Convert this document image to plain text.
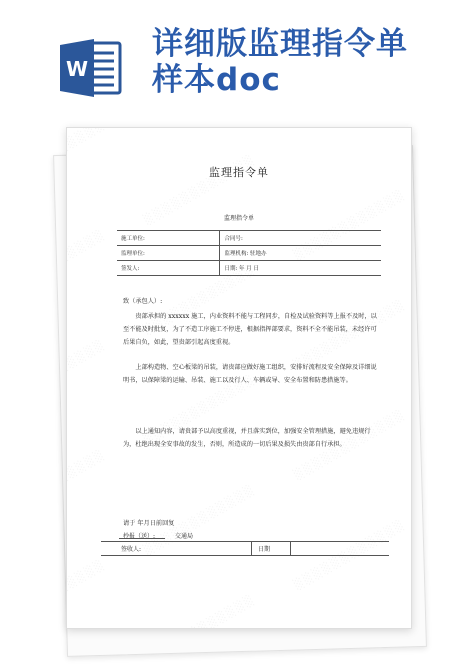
W
详细版监理指令单
样本doc
监理指令单
监理指令单
施工单位:	合同号:
监理单位:	监理机构: 驻地办
签发人:	日期: 年 月 日
致（承包人）:
贵部承担的 xxxxxx 施工，内业资料不能与工程同步，自检及试验资料等上报不及时，以至不能及时批复，为了不造工序施工不停进，根据指挥部要求，资料不全不能吊装，未经许可后果自负，如此，望贵部引起高度重视。
上部构造物、空心板梁的吊装，请贵部应做好施工组织，安排好流程及安全保障及详细说明书，以保障梁的运输、吊装、施工以及行人、车辆或导、安全布置和防患措施等。
以上通知内容，请贵部予以高度重视，并且落实到位，加强安全管理措施，避免违规行为，杜绝出现全安事故的发生，否则，所造成的一切后果及损失由贵部自行承担。
请于 年月日前回复
抄报（送）:	交通局
签收人:	日期	
